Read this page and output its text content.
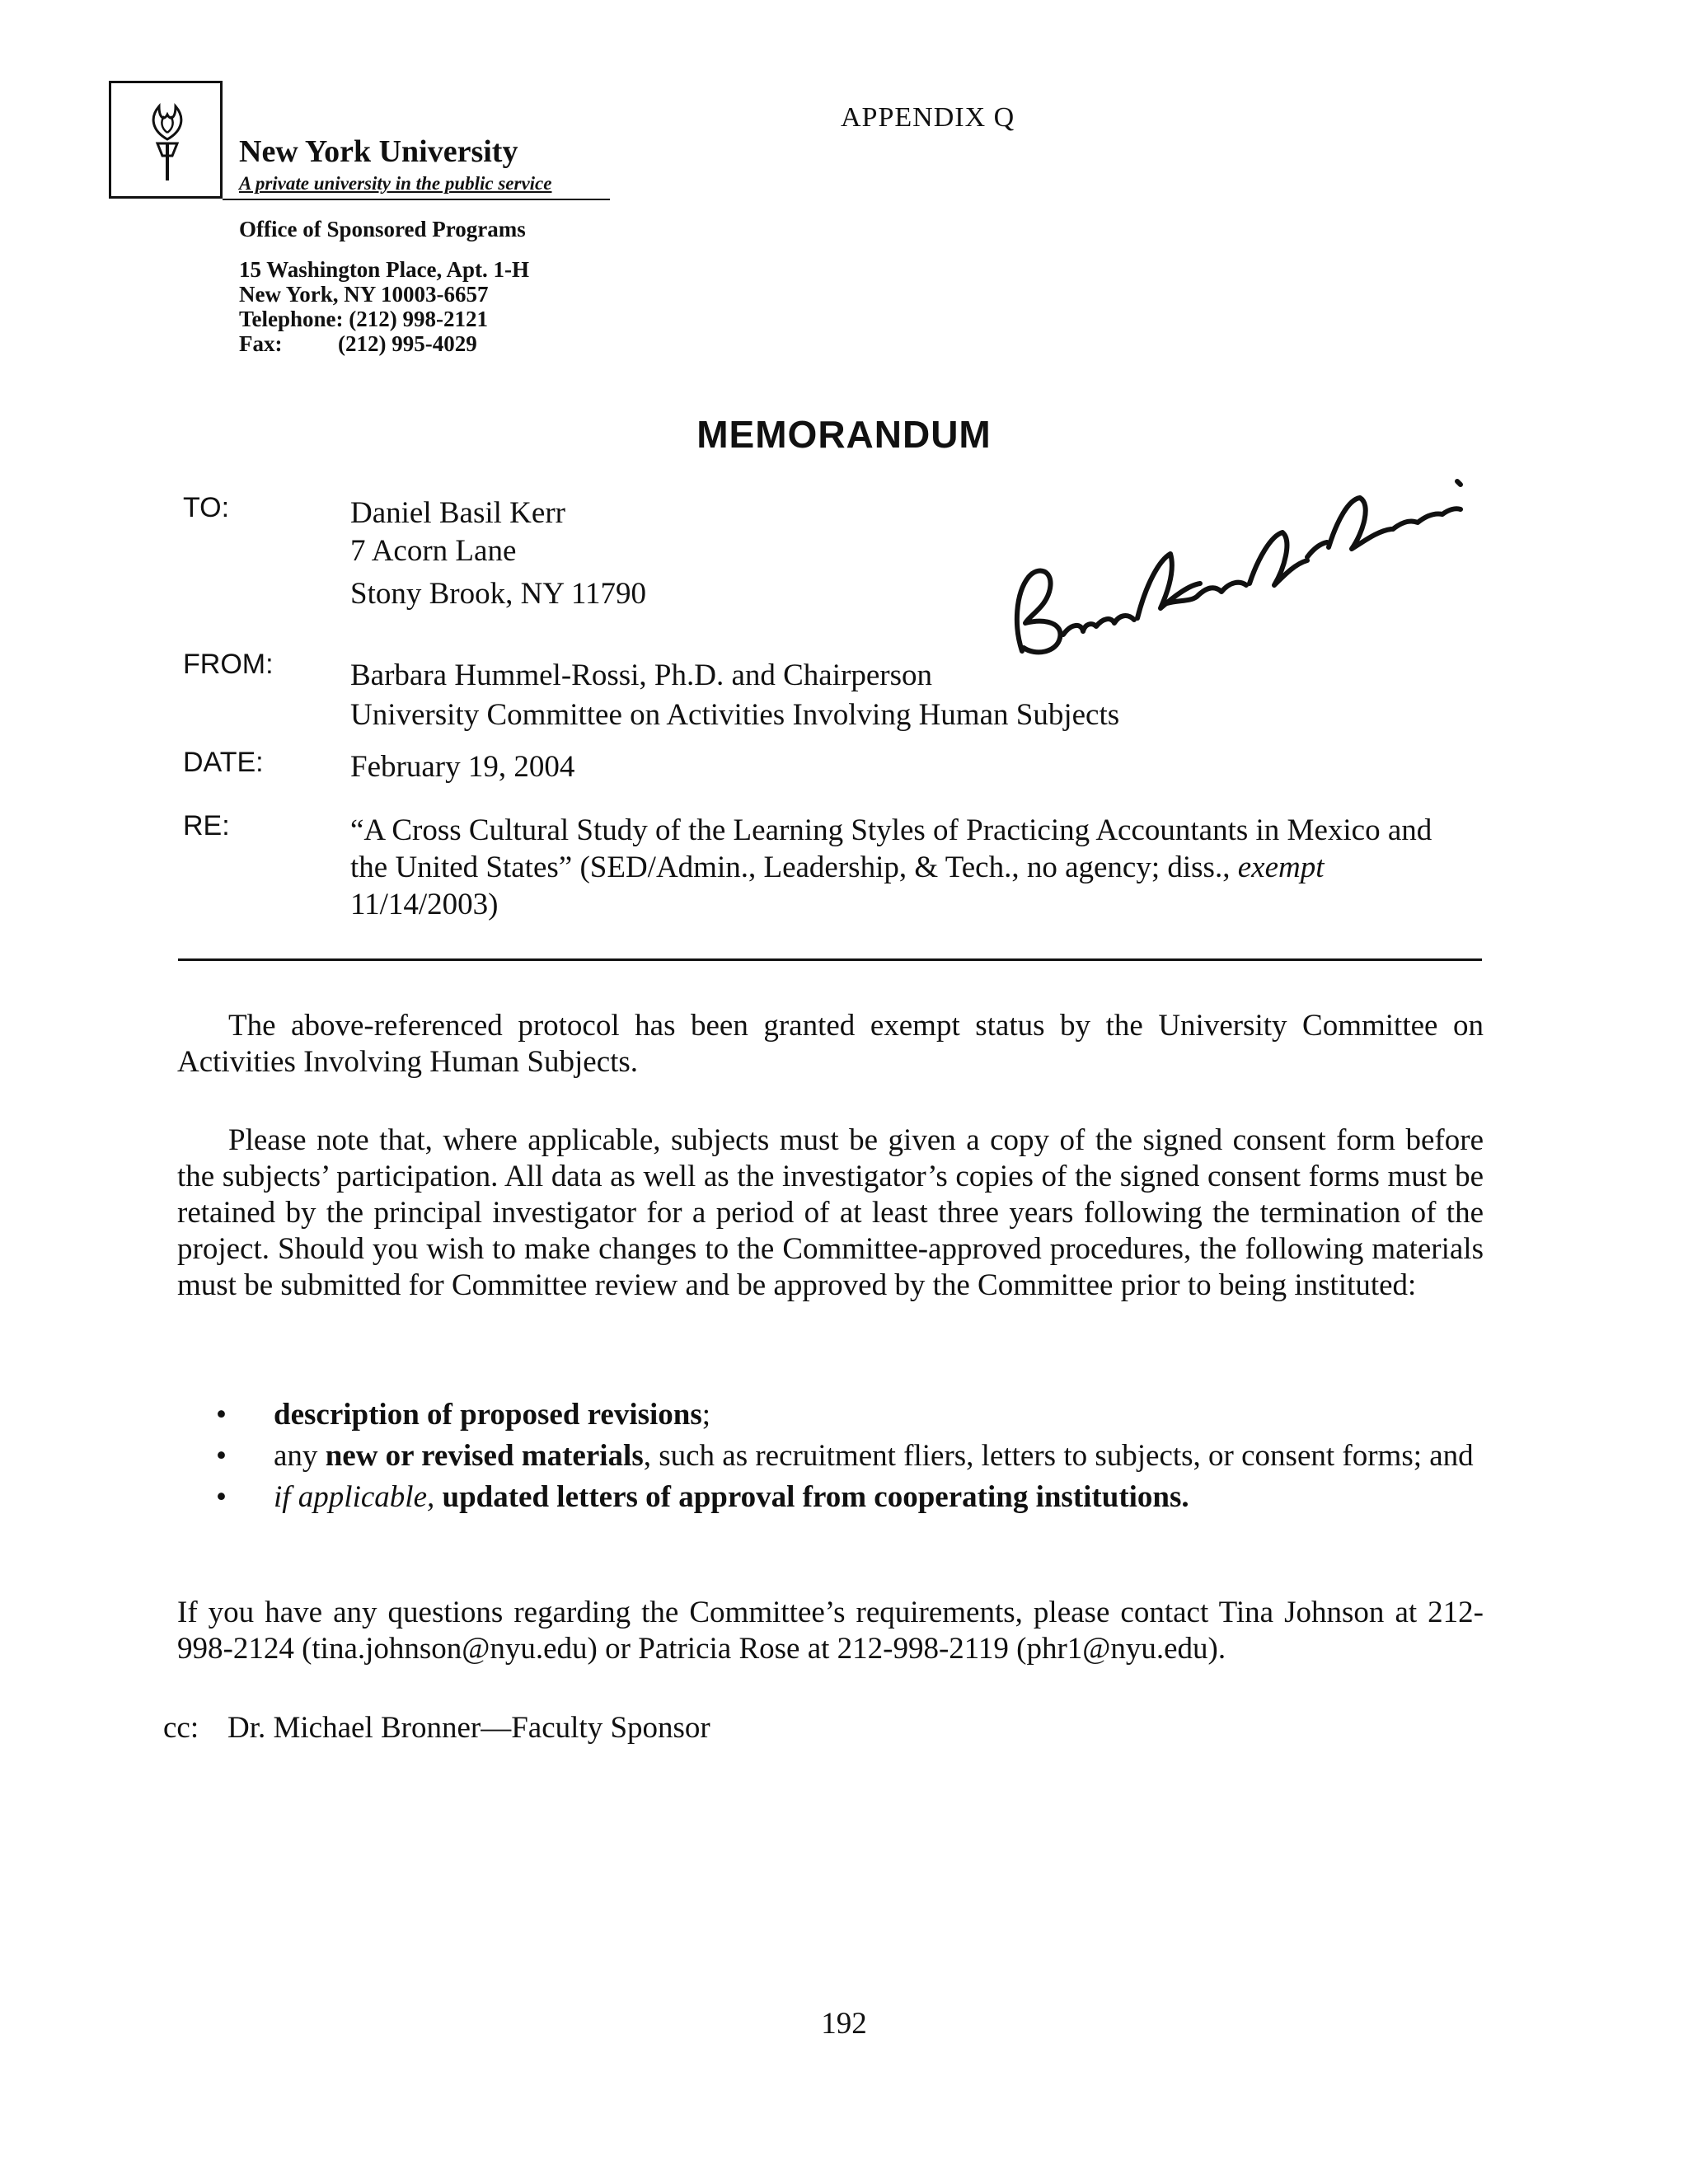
New York University
A private university in the public service
Office of Sponsored Programs
15 Washington Place, Apt. 1-H
New York, NY 10003-6657
Telephone: (212) 998-2121
Fax:	(212) 995-4029
APPENDIX Q
MEMORANDUM
TO:	Daniel Basil Kerr
7 Acorn Lane
Stony Brook, NY 11790
FROM:	Barbara Hummel-Rossi, Ph.D. and Chairperson
University Committee on Activities Involving Human Subjects
DATE:	February 19, 2004
RE:	“A Cross Cultural Study of the Learning Styles of Practicing Accountants in Mexico and the United States” (SED/Admin., Leadership, & Tech., no agency; diss., exempt
11/14/2003)
The above-referenced protocol has been granted exempt status by the University Committee on Activities Involving Human Subjects.
Please note that, where applicable, subjects must be given a copy of the signed consent form before the subjects’ participation. All data as well as the investigator’s copies of the signed consent forms must be retained by the principal investigator for a period of at least three years following the termination of the project. Should you wish to make changes to the Committee-approved procedures, the following materials must be submitted for Committee review and be approved by the Committee prior to being instituted:
• description of proposed revisions;
• any new or revised materials, such as recruitment fliers, letters to subjects, or consent forms; and
• if applicable, updated letters of approval from cooperating institutions.
If you have any questions regarding the Committee’s requirements, please contact Tina Johnson at 212-998-2124 (tina.johnson@nyu.edu) or Patricia Rose at 212-998-2119 (phr1@nyu.edu).
cc: Dr. Michael Bronner—Faculty Sponsor
192
